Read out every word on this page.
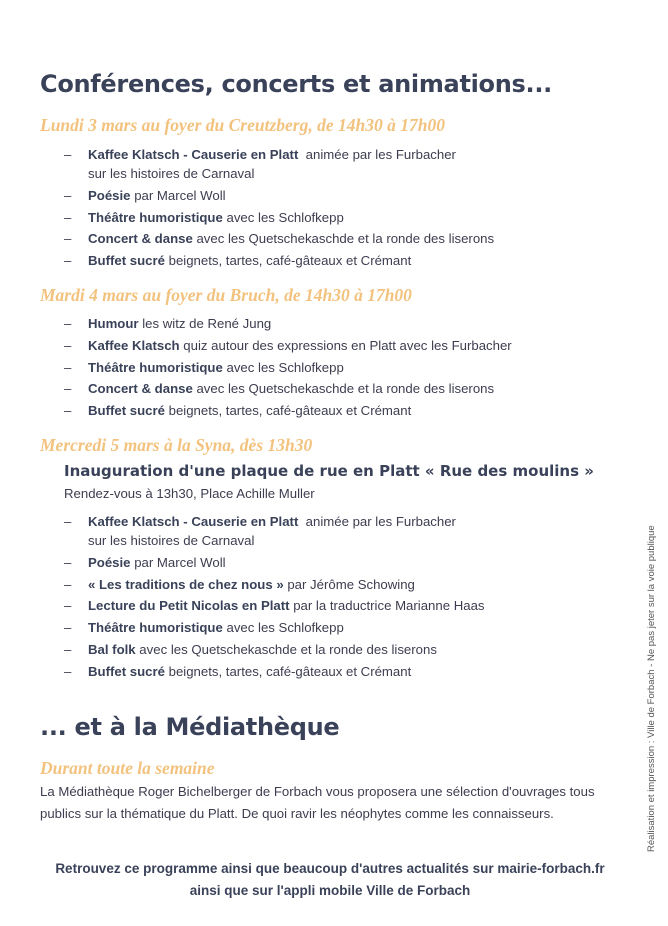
Conférences, concerts et animations...
Lundi 3 mars au foyer du Creutzberg, de 14h30 à 17h00
– Kaffee Klatsch - Causerie en Platt  animée par les Furbacher
sur les histoires de Carnaval
– Poésie par Marcel Woll
– Théâtre humoristique avec les Schlofkepp
– Concert & danse avec les Quetschekaschde et la ronde des liserons
– Buffet sucré beignets, tartes, café-gâteaux et Crémant
Mardi 4 mars au foyer du Bruch, de 14h30 à 17h00
– Humour les witz de René Jung
– Kaffee Klatsch quiz autour des expressions en Platt avec les Furbacher
– Théâtre humoristique avec les Schlofkepp
– Concert & danse avec les Quetschekaschde et la ronde des liserons
– Buffet sucré beignets, tartes, café-gâteaux et Crémant
Mercredi 5 mars à la Syna, dès 13h30

Inauguration d'une plaque de rue en Platt « Rue des moulins »

Rendez-vous à 13h30, Place Achille Muller

– Kaffee Klatsch - Causerie en Platt  animée par les Furbacher
sur les histoires de Carnaval
– Poésie par Marcel Woll
– « Les traditions de chez nous » par Jérôme Schowing
– Lecture du Petit Nicolas en Platt par la traductrice Marianne Haas
– Théâtre humoristique avec les Schlofkepp
– Bal folk avec les Quetschekaschde et la ronde des liserons
– Buffet sucré beignets, tartes, café-gâteaux et Crémant
... et à la Médiathèque
Durant toute la semaine

La Médiathèque Roger Bichelberger de Forbach vous proposera une sélection d'ouvrages tous publics sur la thématique du Platt. De quoi ravir les néophytes comme les connaisseurs.

Retrouvez ce programme ainsi que beaucoup d'autres actualités sur mairie-forbach.fr
ainsi que sur l'appli mobile Ville de Forbach

Réalisation et impression : Ville de Forbach - Ne pas jeter sur la voie publique
